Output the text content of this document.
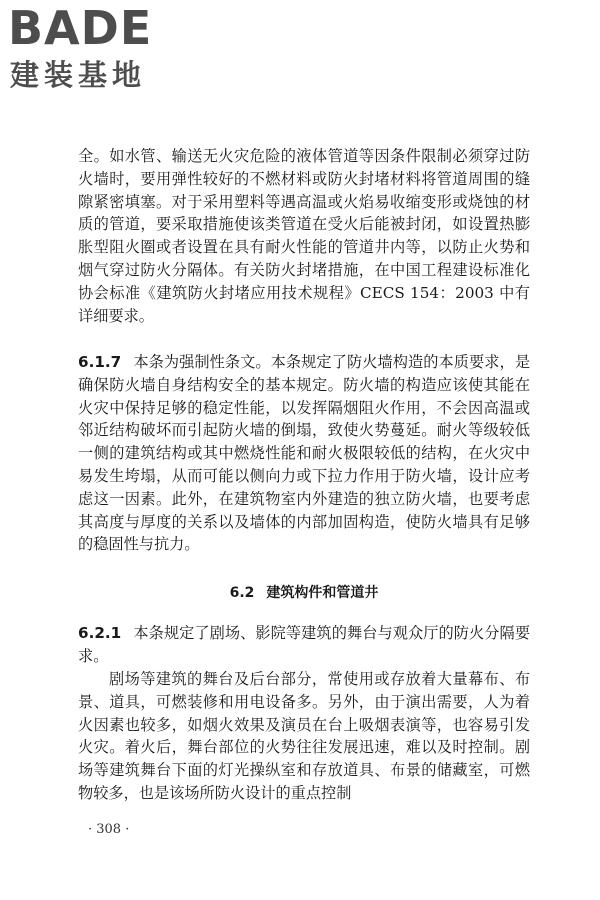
BADE
建装基地

全。如水管、输送无火灾危险的液体管道等因条件限制必须穿过防火墙时，要用弹性较好的不燃材料或防火封堵材料将管道周围的缝隙紧密填塞。对于采用塑料等遇高温或火焰易收缩变形或烧蚀的材质的管道，要采取措施使该类管道在受火后能被封闭，如设置热膨胀型阻火圈或者设置在具有耐火性能的管道井内等，以防止火势和烟气穿过防火分隔体。有关防火封堵措施，在中国工程建设标准化协会标准《建筑防火封堵应用技术规程》CECS 154：2003 中有详细要求。

6.1.7 本条为强制性条文。本条规定了防火墙构造的本质要求，是确保防火墙自身结构安全的基本规定。防火墙的构造应该使其能在火灾中保持足够的稳定性能，以发挥隔烟阻火作用，不会因高温或邻近结构破坏而引起防火墙的倒塌，致使火势蔓延。耐火等级较低一侧的建筑结构或其中燃烧性能和耐火极限较低的结构，在火灾中易发生垮塌，从而可能以侧向力或下拉力作用于防火墙，设计应考虑这一因素。此外，在建筑物室内外建造的独立防火墙，也要考虑其高度与厚度的关系以及墙体的内部加固构造，使防火墙具有足够的稳固性与抗力。

6.2 建筑构件和管道井

6.2.1 本条规定了剧场、影院等建筑的舞台与观众厅的防火分隔要求。

剧场等建筑的舞台及后台部分，常使用或存放着大量幕布、布景、道具，可燃装修和用电设备多。另外，由于演出需要，人为着火因素也较多，如烟火效果及演员在台上吸烟表演等，也容易引发火灾。着火后，舞台部位的火势往往发展迅速，难以及时控制。剧场等建筑舞台下面的灯光操纵室和存放道具、布景的储藏室，可燃物较多，也是该场所防火设计的重点控制

· 308 ·
